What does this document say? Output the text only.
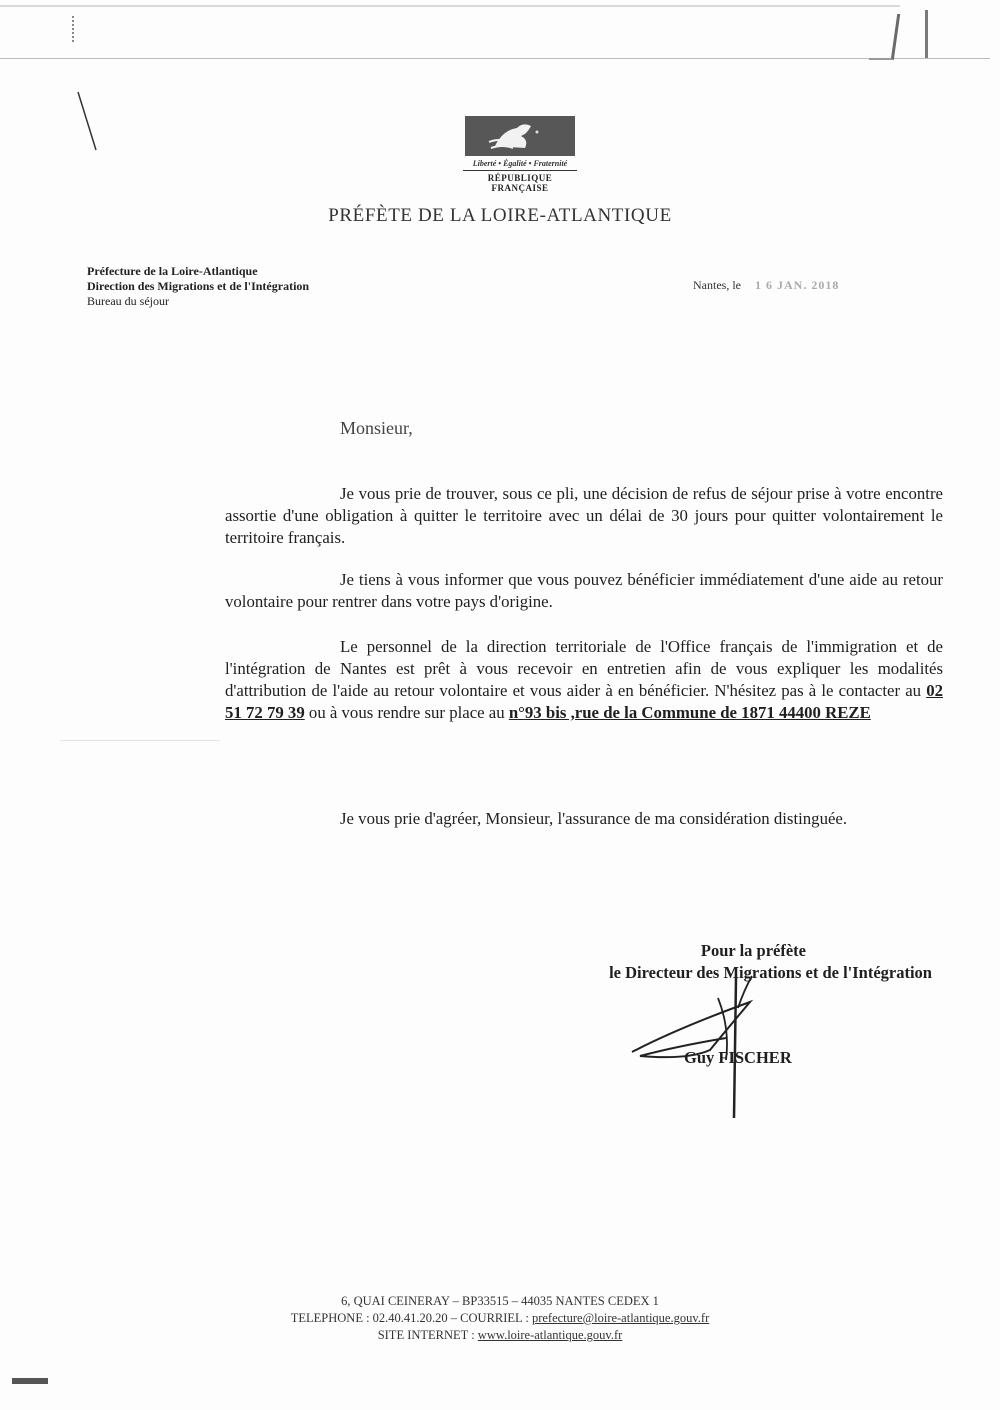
Liberté • Égalité • Fraternité
RÉPUBLIQUE FRANÇAISE
PRÉFÈTE DE LA LOIRE-ATLANTIQUE
Préfecture de la Loire-Atlantique
Direction des Migrations et de l'Intégration
Bureau du séjour
Nantes, le 1 6 JAN. 2018
Monsieur,
Je vous prie de trouver, sous ce pli, une décision de refus de séjour prise à votre encontre assortie d'une obligation à quitter le territoire avec un délai de 30 jours pour quitter volontairement le territoire français.
Je tiens à vous informer que vous pouvez bénéficier immédiatement d'une aide au retour volontaire pour rentrer dans votre pays d'origine.
Le personnel de la direction territoriale de l'Office français de l'immigration et de l'intégration de Nantes est prêt à vous recevoir en entretien afin de vous expliquer les modalités d'attribution de l'aide au retour volontaire et vous aider à en bénéficier. N'hésitez pas à le contacter au 02 51 72 79 39 ou à vous rendre sur place au n°93 bis ,rue de la Commune de 1871 44400 REZE
Je vous prie d'agréer, Monsieur, l'assurance de ma considération distinguée.
Pour la préfète
le Directeur des Migrations et de l'Intégration
Guy FISCHER
6, QUAI CEINERAY – BP33515 – 44035 NANTES CEDEX 1
TELEPHONE : 02.40.41.20.20 – COURRIEL : prefecture@loire-atlantique.gouv.fr
SITE INTERNET : www.loire-atlantique.gouv.fr
